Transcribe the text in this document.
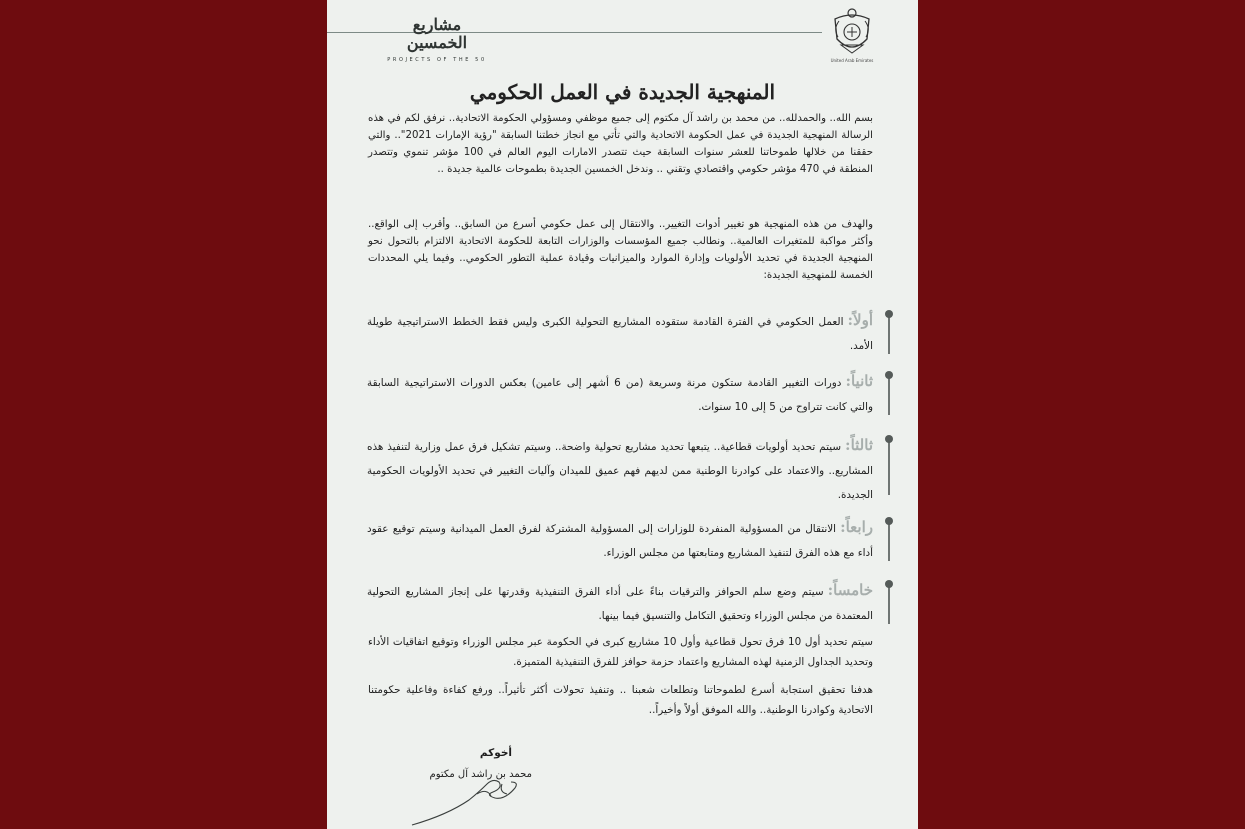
مشاريع
الخمسين
PROJECTS OF THE 50	United Arab Emirates
المنهجية الجديدة في العمل الحكومي
بسم الله.. والحمدلله.. من محمد بن راشد آل مكتوم إلى جميع موظفي ومسؤولي الحكومة الاتحادية.. نرفق لكم في هذه الرسالة المنهجية الجديدة في عمل الحكومة الاتحادية والتي تأتي مع انجاز خطتنا السابقة "رؤية الإمارات 2021".. والتي حققنا من خلالها طموحاتنا للعشر سنوات السابقة حيث تتصدر الامارات اليوم العالم في 100 مؤشر تنموي وتتصدر المنطقة في 470 مؤشر حكومي واقتصادي وتقني .. وندخل الخمسين الجديدة بطموحات عالمية جديدة ..
والهدف من هذه المنهجية هو تغيير أدوات التغيير.. والانتقال إلى عمل حكومي أسرع من السابق.. وأقرب إلى الواقع.. وأكثر مواكبة للمتغيرات العالمية.. ونطالب جميع المؤسسات والوزارات التابعة للحكومة الاتحادية الالتزام بالتحول نحو المنهجية الجديدة في تحديد الأولويات وإدارة الموارد والميزانيات وقيادة عملية التطور الحكومي.. وفيما يلي المحددات الخمسة للمنهجية الجديدة:
أولاً:العمل الحكومي في الفترة القادمة ستقوده المشاريع التحولية الكبرى وليس فقط الخطط الاستراتيجية طويلة الأمد.
ثانياً:دورات التغيير القادمة ستكون مرنة وسريعة (من 6 أشهر إلى عامين) بعكس الدورات الاستراتيجية السابقة والتي كانت تتراوح من 5 إلى 10 سنوات.
ثالثاً:سيتم تحديد أولويات قطاعية.. يتبعها تحديد مشاريع تحولية واضحة.. وسيتم تشكيل فرق عمل وزارية لتنفيذ هذه المشاريع.. والاعتماد على كوادرنا الوطنية ممن لديهم فهم عميق للميدان وآليات التغيير في تحديد الأولويات الحكومية الجديدة.
رابعاً:الانتقال من المسؤولية المنفردة للوزارات إلى المسؤولية المشتركة لفرق العمل الميدانية وسيتم توقيع عقود أداء مع هذه الفرق لتنفيذ المشاريع ومتابعتها من مجلس الوزراء.
خامساً:سيتم وضع سلم الحوافز والترقيات بناءً على أداء الفرق التنفيذية وقدرتها على إنجاز المشاريع التحولية المعتمدة من مجلس الوزراء وتحقيق التكامل والتنسيق فيما بينها.
سيتم تحديد أول 10 فرق تحول قطاعية وأول 10 مشاريع كبرى في الحكومة عبر مجلس الوزراء وتوقيع اتفاقيات الأداء وتحديد الجداول الزمنية لهذه المشاريع واعتماد حزمة حوافز للفرق التنفيذية المتميزة.
هدفنا تحقيق استجابة أسرع لطموحاتنا وتطلعات شعبنا .. وتنفيذ تحولات أكثر تأثيراً.. ورفع كفاءة وفاعلية حكومتنا الاتحادية وكوادرنا الوطنية.. والله الموفق أولاً وأخيراً..
أخوكم
محمد بن راشد آل مكتوم
